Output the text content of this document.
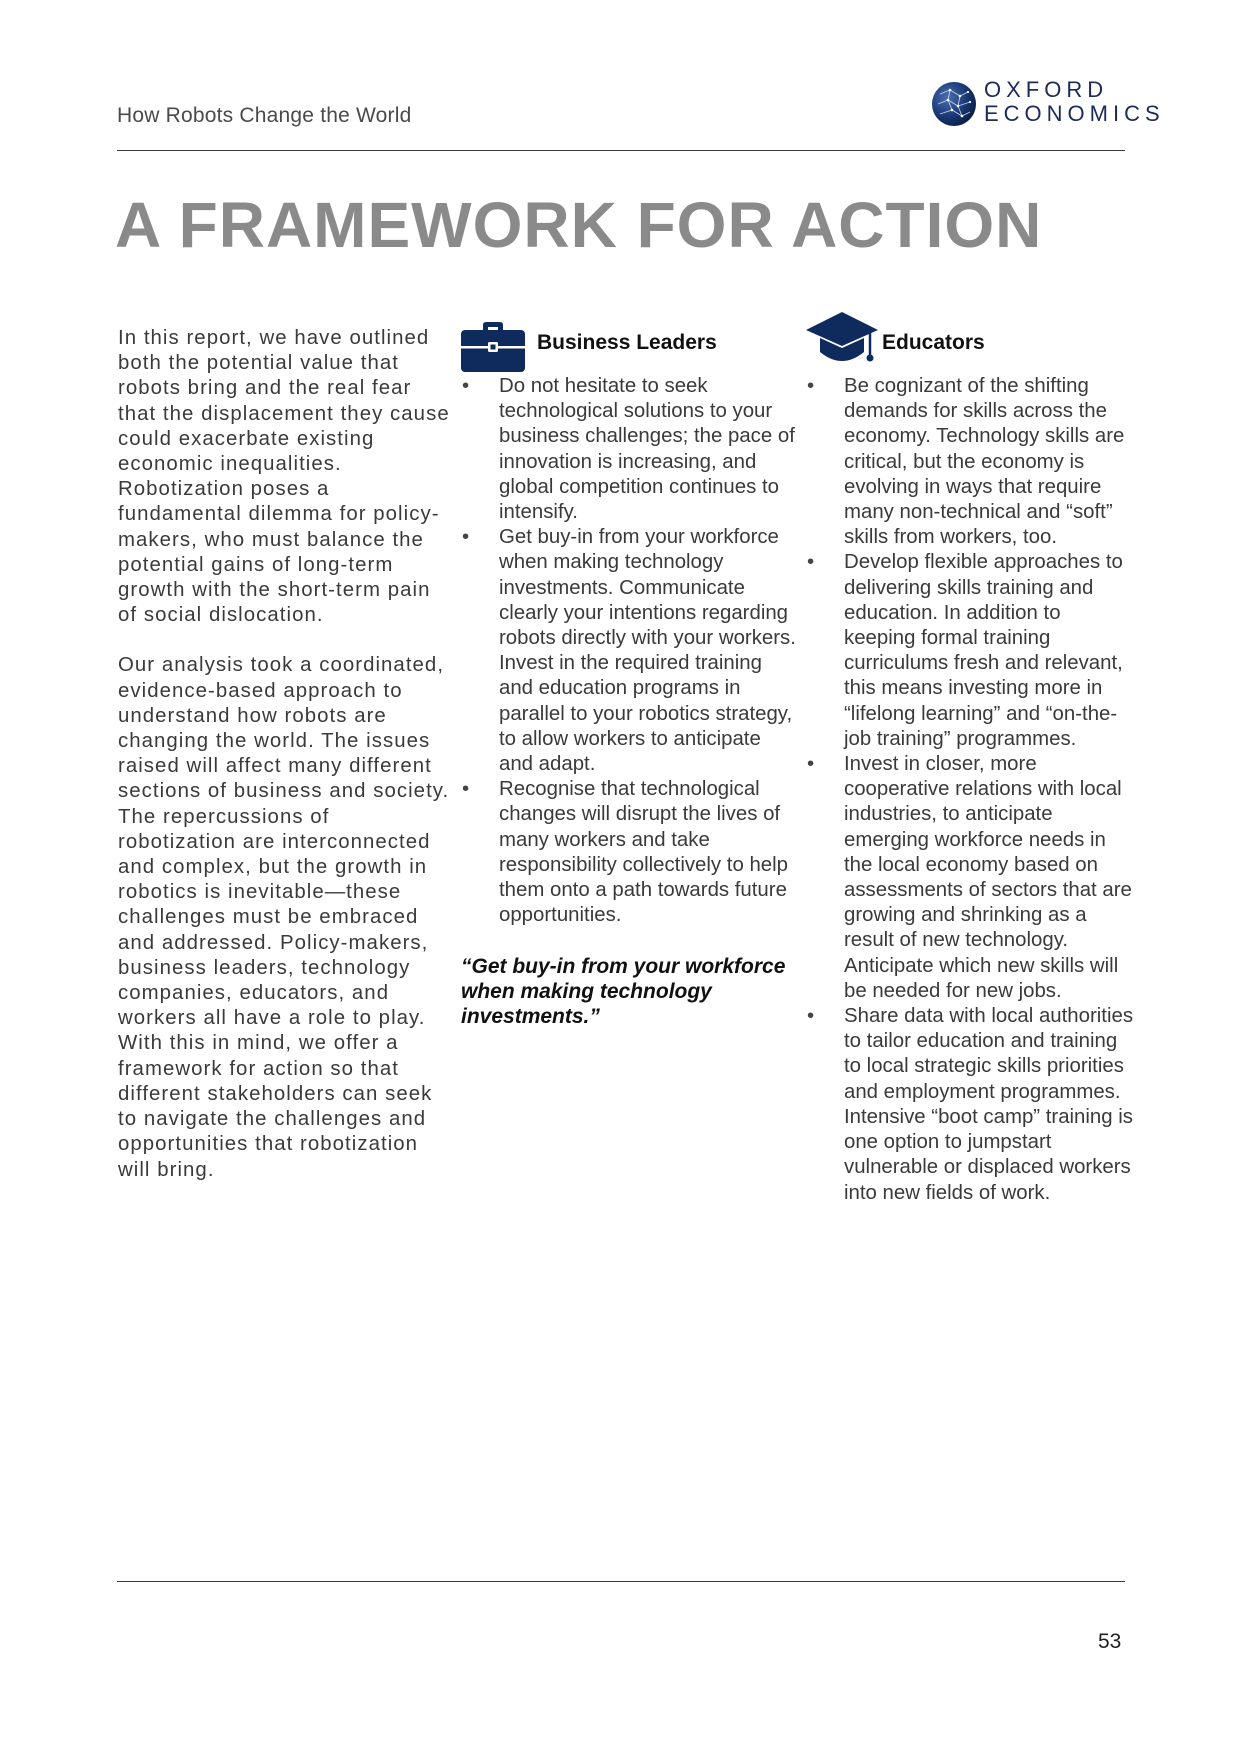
How Robots Change the World
OXFORD
ECONOMICS
A FRAMEWORK FOR ACTION

In this report, we have outlined both the potential value that robots bring and the real fear that the displacement they cause could exacerbate existing economic inequalities. Robotization poses a fundamental dilemma for policy-makers, who must balance the potential gains of long-term growth with the short-term pain of social dislocation.

Our analysis took a coordinated, evidence-based approach to understand how robots are changing the world. The issues raised will affect many different sections of business and society. The repercussions of robotization are interconnected and complex, but the growth in robotics is inevitable—these challenges must be embraced and addressed. Policy-makers, business leaders, technology companies, educators, and workers all have a role to play. With this in mind, we offer a framework for action so that different stakeholders can seek to navigate the challenges and opportunities that robotization will bring.

Business Leaders
• Do not hesitate to seek technological solutions to your business challenges; the pace of innovation is increasing, and global competition continues to intensify.
• Get buy-in from your workforce when making technology investments. Communicate clearly your intentions regarding robots directly with your workers. Invest in the required training and education programs in parallel to your robotics strategy, to allow workers to anticipate and adapt.
• Recognise that technological changes will disrupt the lives of many workers and take responsibility collectively to help them onto a path towards future opportunities.
“Get buy-in from your workforce when making technology investments.”
Educators
• Be cognizant of the shifting demands for skills across the economy. Technology skills are critical, but the economy is evolving in ways that require many non-technical and “soft” skills from workers, too.
• Develop flexible approaches to delivering skills training and education. In addition to keeping formal training curriculums fresh and relevant, this means investing more in “lifelong learning” and “on-the-job training” programmes.
• Invest in closer, more cooperative relations with local industries, to anticipate emerging workforce needs in the local economy based on assessments of sectors that are growing and shrinking as a result of new technology. Anticipate which new skills will be needed for new jobs.
• Share data with local authorities to tailor education and training to local strategic skills priorities and employment programmes. Intensive “boot camp” training is one option to jumpstart vulnerable or displaced workers into new fields of work.
53
